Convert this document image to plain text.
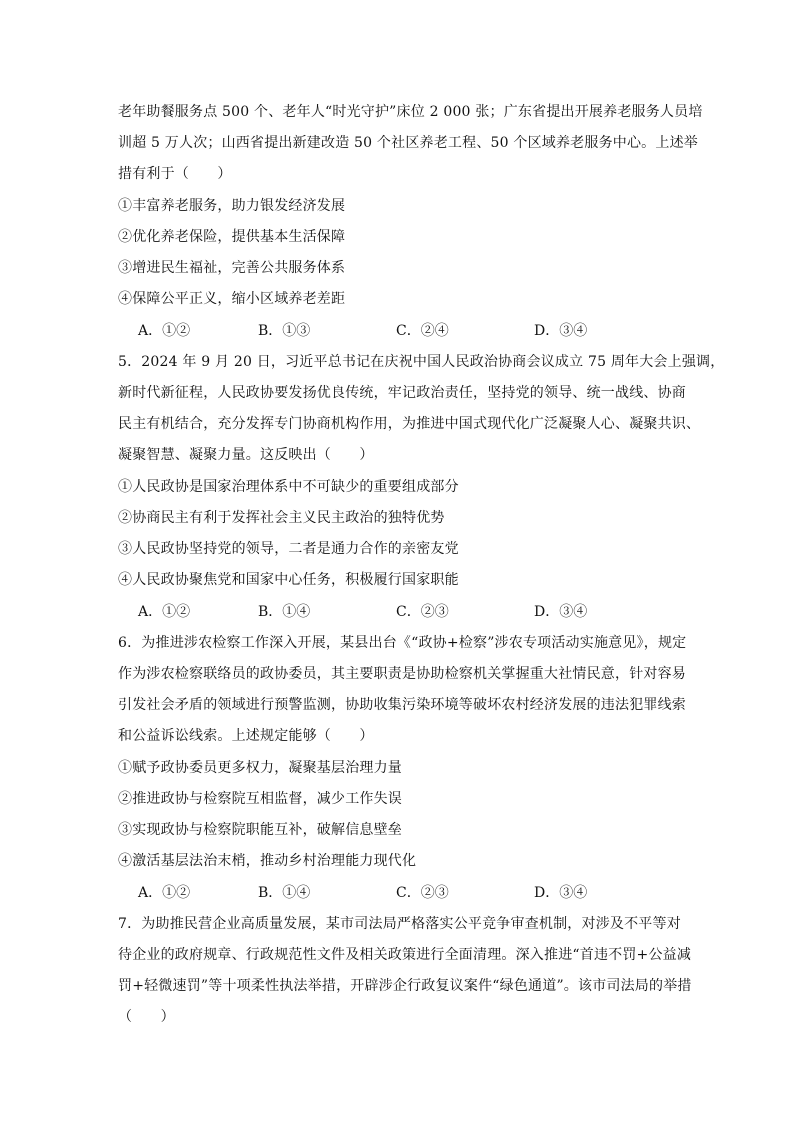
老年助餐服务点 500 个、老年人“时光守护”床位 2 000 张；广东省提出开展养老服务人员培
训超 5 万人次；山西省提出新建改造 50 个社区养老工程、50 个区域养老服务中心。上述举
措有利于（　　）
①丰富养老服务，助力银发经济发展
②优化养老保险，提供基本生活保障
③增进民生福祉，完善公共服务体系
④保障公平正义，缩小区域养老差距
A．①②	B．①③	C．②④	D．③④
5．2024 年 9 月 20 日，习近平总书记在庆祝中国人民政治协商会议成立 75 周年大会上强调，
新时代新征程，人民政协要发扬优良传统，牢记政治责任，坚持党的领导、统一战线、协商
民主有机结合，充分发挥专门协商机构作用，为推进中国式现代化广泛凝聚人心、凝聚共识、
凝聚智慧、凝聚力量。这反映出（　　）
①人民政协是国家治理体系中不可缺少的重要组成部分
②协商民主有利于发挥社会主义民主政治的独特优势
③人民政协坚持党的领导，二者是通力合作的亲密友党
④人民政协聚焦党和国家中心任务，积极履行国家职能
A．①②	B．①④	C．②③	D．③④
6．为推进涉农检察工作深入开展，某县出台《“政协+检察”涉农专项活动实施意见》，规定
作为涉农检察联络员的政协委员，其主要职责是协助检察机关掌握重大社情民意，针对容易
引发社会矛盾的领域进行预警监测，协助收集污染环境等破坏农村经济发展的违法犯罪线索
和公益诉讼线索。上述规定能够（　　）
①赋予政协委员更多权力，凝聚基层治理力量
②推进政协与检察院互相监督，减少工作失误
③实现政协与检察院职能互补，破解信息壁垒
④激活基层法治末梢，推动乡村治理能力现代化
A．①②	B．①④	C．②③	D．③④
7．为助推民营企业高质量发展，某市司法局严格落实公平竞争审查机制，对涉及不平等对
待企业的政府规章、行政规范性文件及相关政策进行全面清理。深入推进“首违不罚+公益减
罚+轻微速罚”等十项柔性执法举措，开辟涉企行政复议案件“绿色通道”。该市司法局的举措
（　　）
